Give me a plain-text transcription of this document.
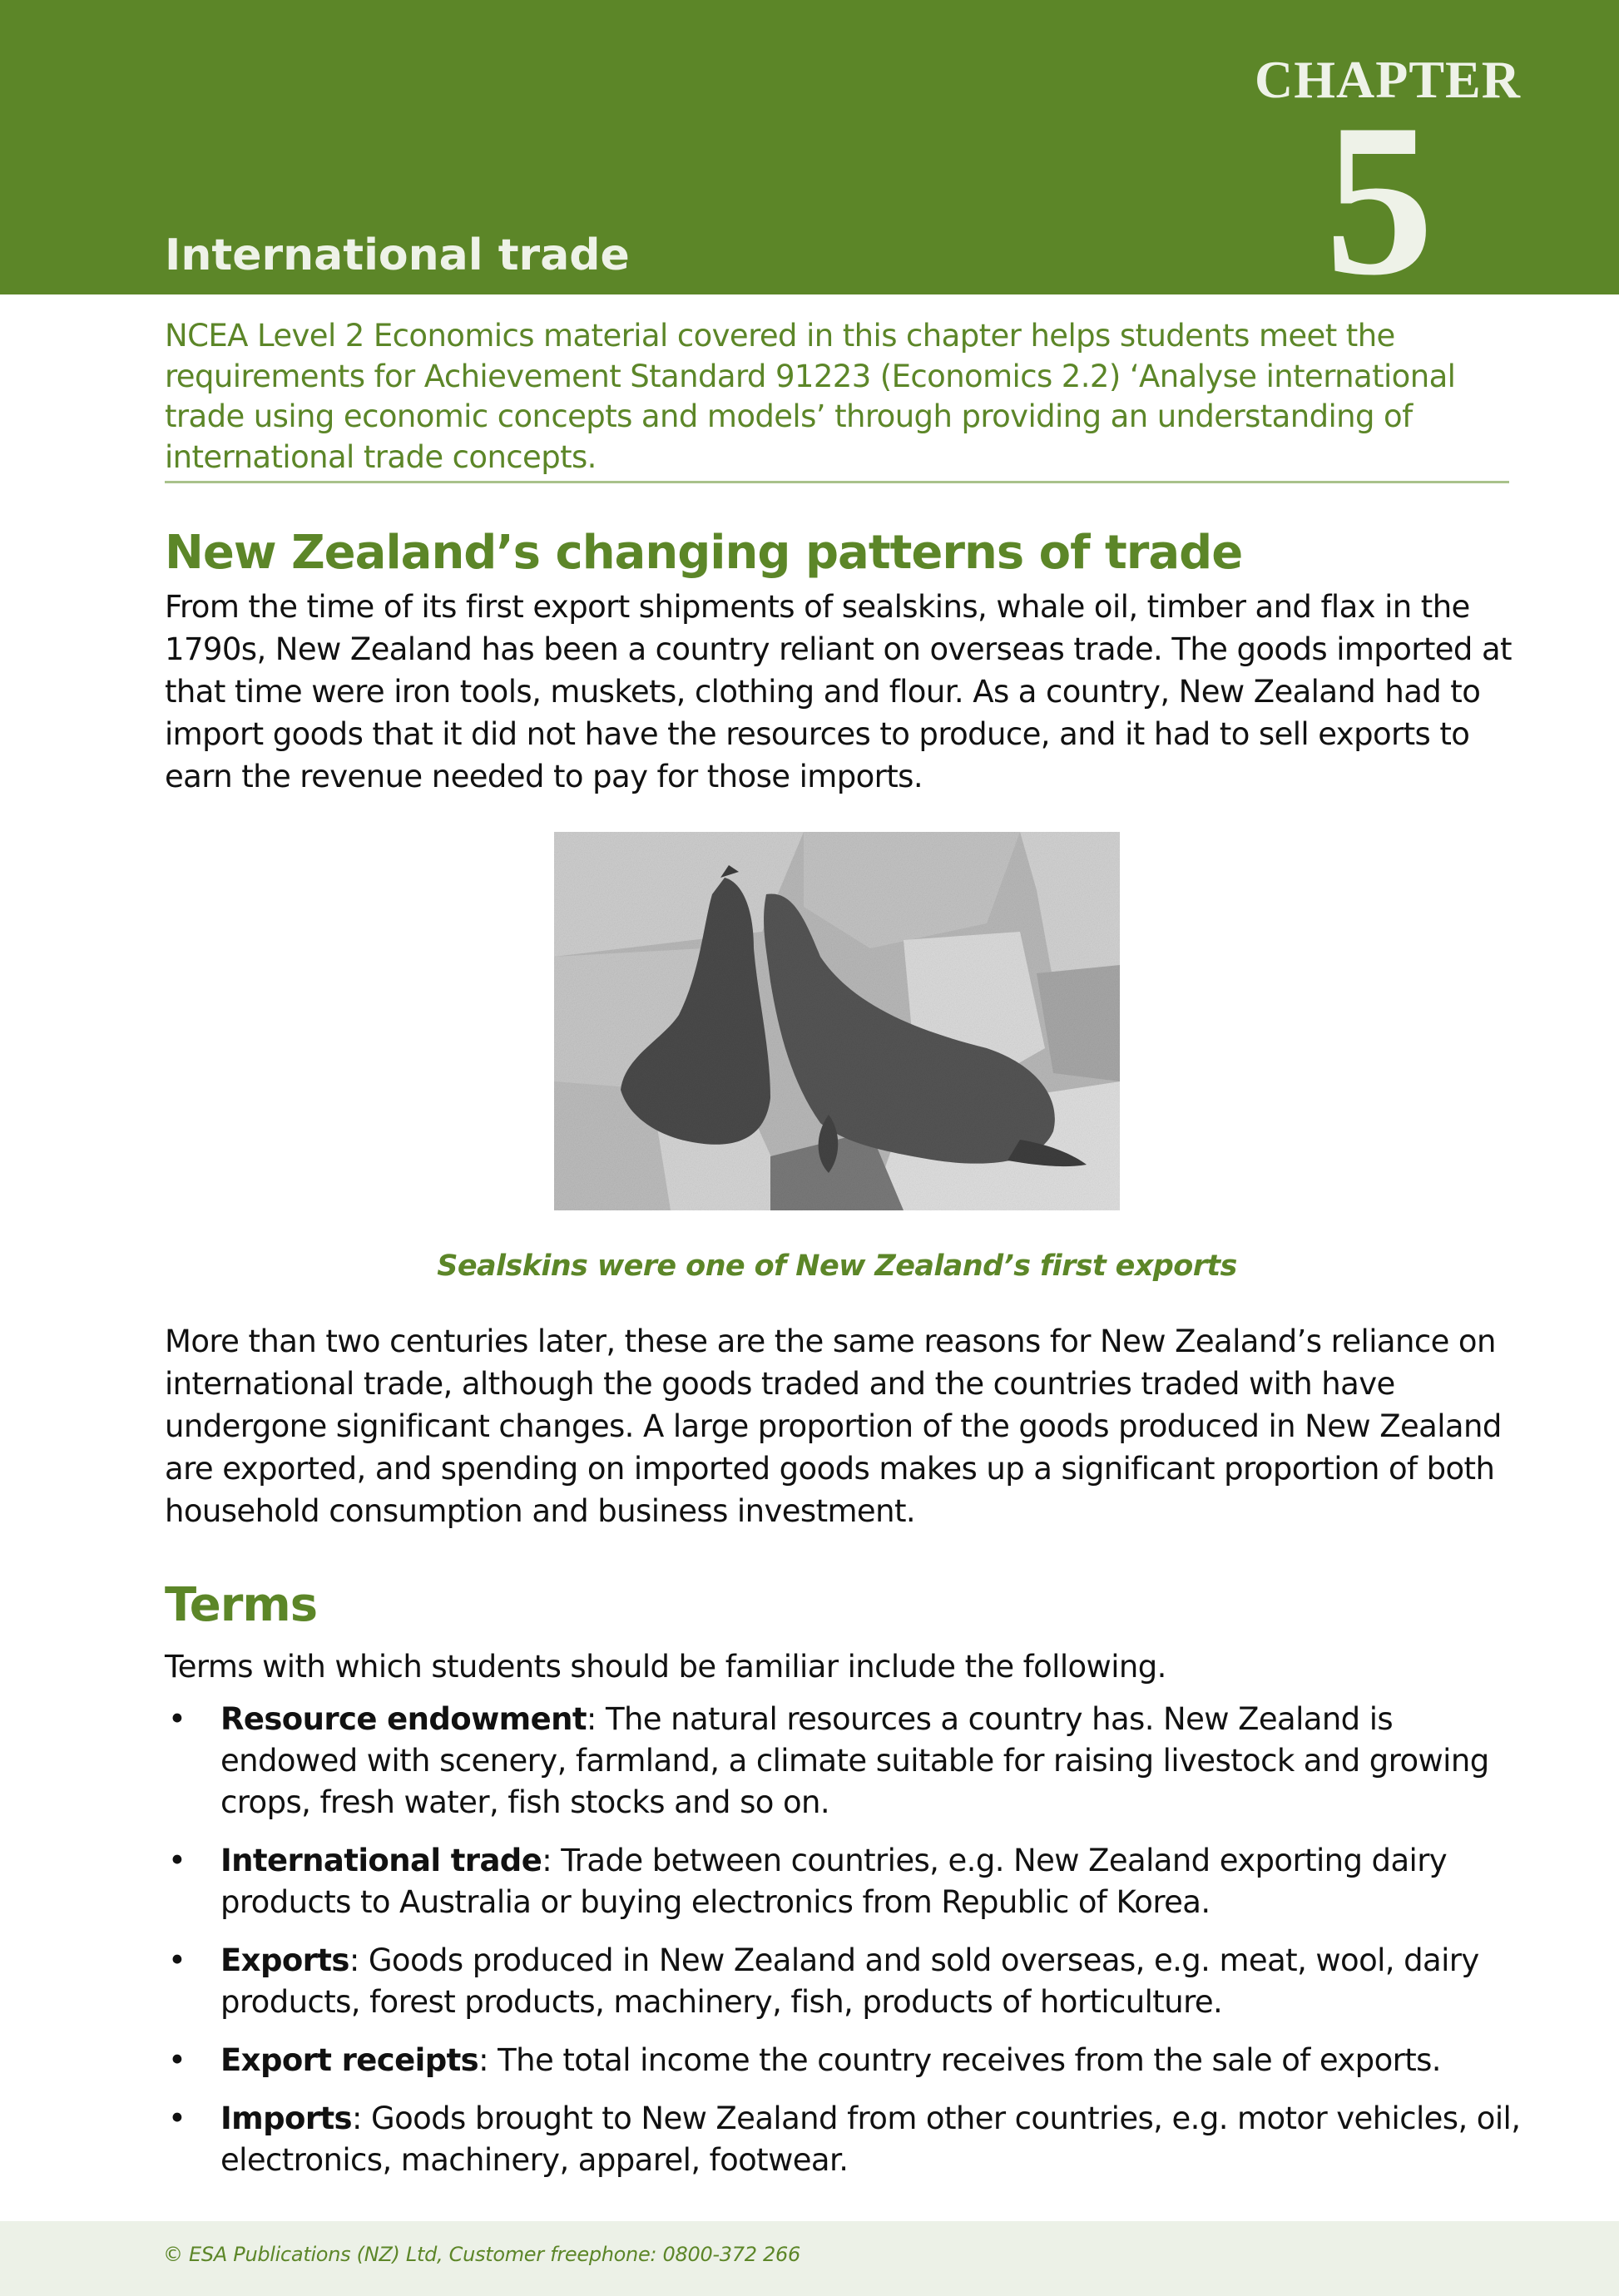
CHAPTER
5
International trade
NCEA Level 2 Economics material covered in this chapter helps students meet the requirements for Achievement Standard 91223 (Economics 2.2) ‘Analyse international trade using economic concepts and models’ through providing an understanding of international trade concepts.
New Zealand’s changing patterns of trade

From the time of its first export shipments of sealskins, whale oil, timber and flax in the 1790s, New Zealand has been a country reliant on overseas trade. The goods imported at that time were iron tools, muskets, clothing and flour. As a country, New Zealand had to import goods that it did not have the resources to produce, and it had to sell exports to earn the revenue needed to pay for those imports.

Sealskins were one of New Zealand’s first exports

More than two centuries later, these are the same reasons for New Zealand’s reliance on international trade, although the goods traded and the countries traded with have undergone significant changes. A large proportion of the goods produced in New Zealand are exported, and spending on imported goods makes up a significant proportion of both household consumption and business investment.

Terms

Terms with which students should be familiar include the following.

• Resource endowment: The natural resources a country has. New Zealand is endowed with scenery, farmland, a climate suitable for raising livestock and growing crops, fresh water, fish stocks and so on.
• International trade: Trade between countries, e.g. New Zealand exporting dairy products to Australia or buying electronics from Republic of Korea.
• Exports: Goods produced in New Zealand and sold overseas, e.g. meat, wool, dairy products, forest products, machinery, fish, products of horticulture.
• Export receipts: The total income the country receives from the sale of exports.
• Imports: Goods brought to New Zealand from other countries, e.g. motor vehicles, oil, electronics, machinery, apparel, footwear.
© ESA Publications (NZ) Ltd, Customer freephone: 0800-372 266
